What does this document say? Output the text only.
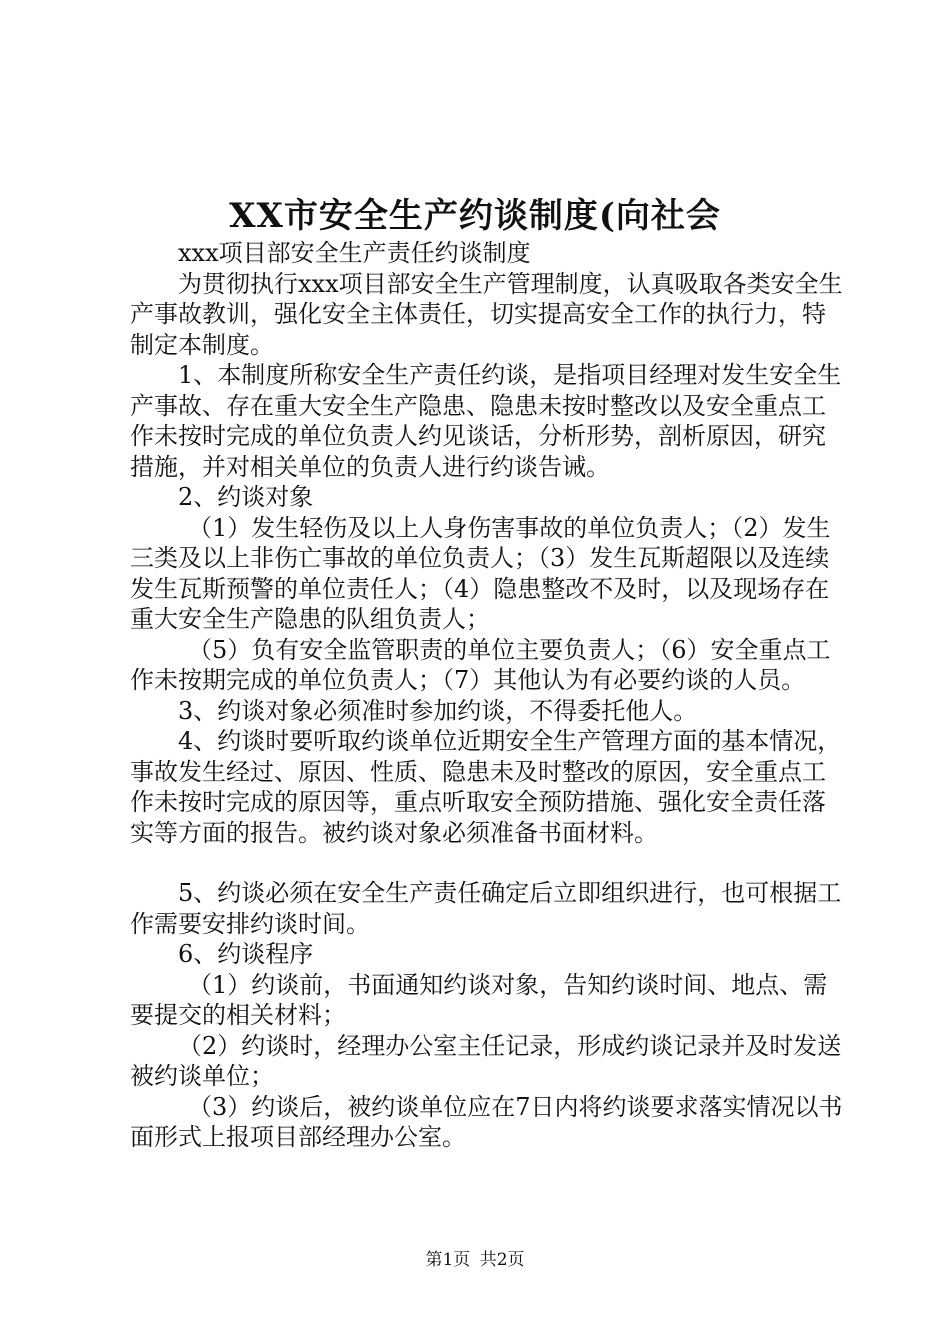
XX市安全生产约谈制度(向社会

xxx项目部安全生产责任约谈制度

为贯彻执行xxx项目部安全生产管理制度，认真吸取各类安全生产事故教训，强化安全主体责任，切实提高安全工作的执行力，特制定本制度。

1、本制度所称安全生产责任约谈，是指项目经理对发生安全生产事故、存在重大安全生产隐患、隐患未按时整改以及安全重点工作未按时完成的单位负责人约见谈话，分析形势，剖析原因，研究措施，并对相关单位的负责人进行约谈告诫。

2、约谈对象

（1）发生轻伤及以上人身伤害事故的单位负责人；（2）发生三类及以上非伤亡事故的单位负责人；（3）发生瓦斯超限以及连续发生瓦斯预警的单位责任人；（4）隐患整改不及时，以及现场存在重大安全生产隐患的队组负责人；

（5）负有安全监管职责的单位主要负责人；（6）安全重点工作未按期完成的单位负责人；（7）其他认为有必要约谈的人员。

3、约谈对象必须准时参加约谈，不得委托他人。

4、约谈时要听取约谈单位近期安全生产管理方面的基本情况，事故发生经过、原因、性质、隐患未及时整改的原因，安全重点工作未按时完成的原因等，重点听取安全预防措施、强化安全责任落实等方面的报告。被约谈对象必须准备书面材料。

5、约谈必须在安全生产责任确定后立即组织进行，也可根据工作需要安排约谈时间。

6、约谈程序

（1）约谈前，书面通知约谈对象，告知约谈时间、地点、需要提交的相关材料；

（2）约谈时，经理办公室主任记录，形成约谈记录并及时发送被约谈单位；

（3）约谈后，被约谈单位应在7日内将约谈要求落实情况以书面形式上报项目部经理办公室。

第1页 共2页
